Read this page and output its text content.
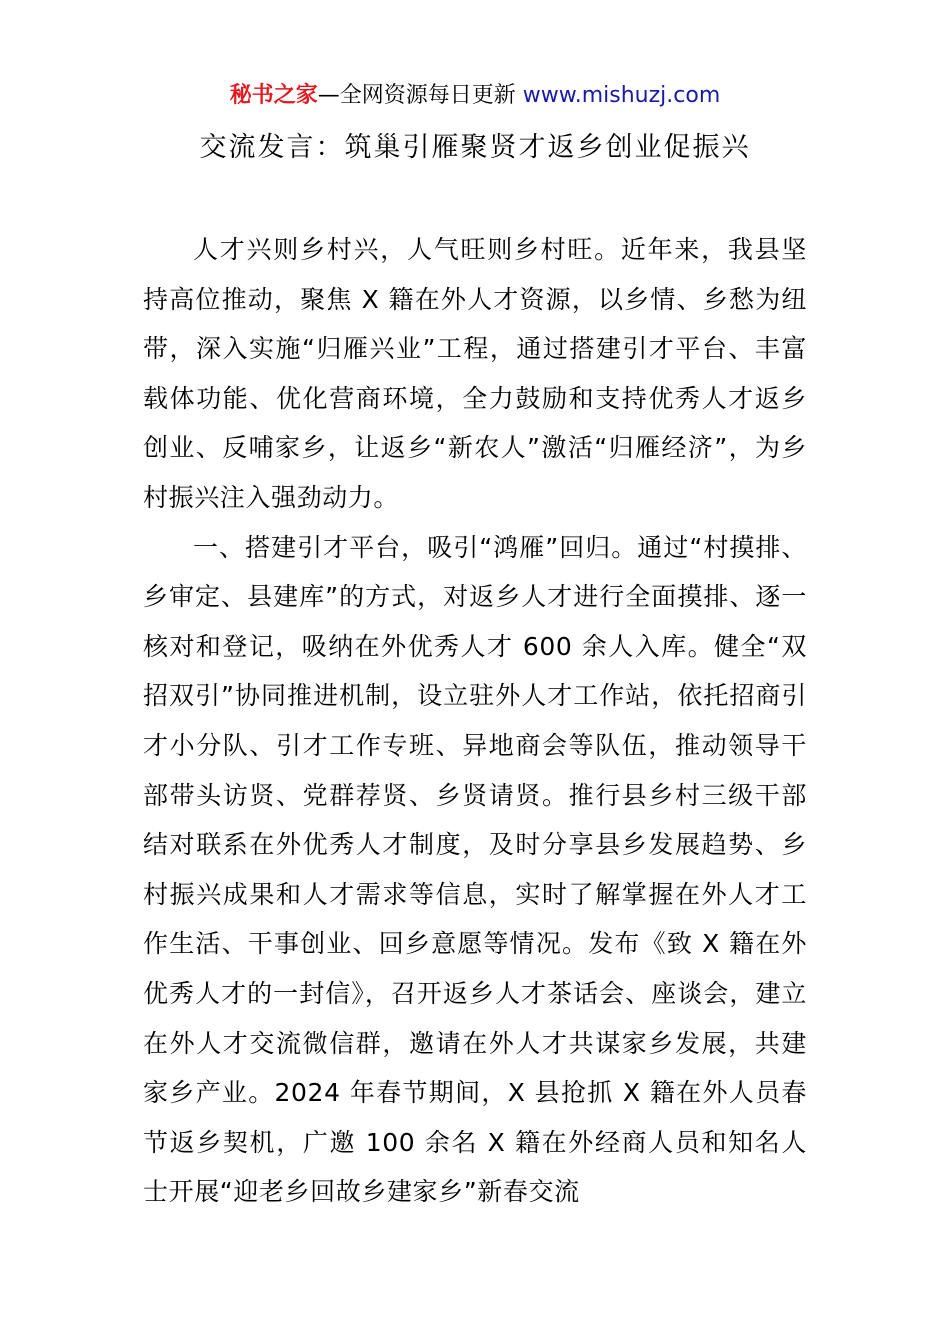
秘书之家—全网资源每日更新 www.mishuzj.com
交流发言：筑巢引雁聚贤才返乡创业促振兴

人才兴则乡村兴，人气旺则乡村旺。近年来，我县坚持高位推动，聚焦 X 籍在外人才资源，以乡情、乡愁为纽带，深入实施“归雁兴业”工程，通过搭建引才平台、丰富载体功能、优化营商环境，全力鼓励和支持优秀人才返乡创业、反哺家乡，让返乡“新农人”激活“归雁经济”，为乡村振兴注入强劲动力。

一、搭建引才平台，吸引“鸿雁”回归。通过“村摸排、乡审定、县建库”的方式，对返乡人才进行全面摸排、逐一核对和登记，吸纳在外优秀人才 600 余人入库。健全“双招双引”协同推进机制，设立驻外人才工作站，依托招商引才小分队、引才工作专班、异地商会等队伍，推动领导干部带头访贤、党群荐贤、乡贤请贤。推行县乡村三级干部结对联系在外优秀人才制度，及时分享县乡发展趋势、乡村振兴成果和人才需求等信息，实时了解掌握在外人才工作生活、干事创业、回乡意愿等情况。发布《致 X 籍在外优秀人才的一封信》，召开返乡人才茶话会、座谈会，建立在外人才交流微信群，邀请在外人才共谋家乡发展，共建家乡产业。2024 年春节期间，X 县抢抓 X 籍在外人员春节返乡契机，广邀 100 余名 X 籍在外经商人员和知名人士开展“迎老乡回故乡建家乡”新春交流
